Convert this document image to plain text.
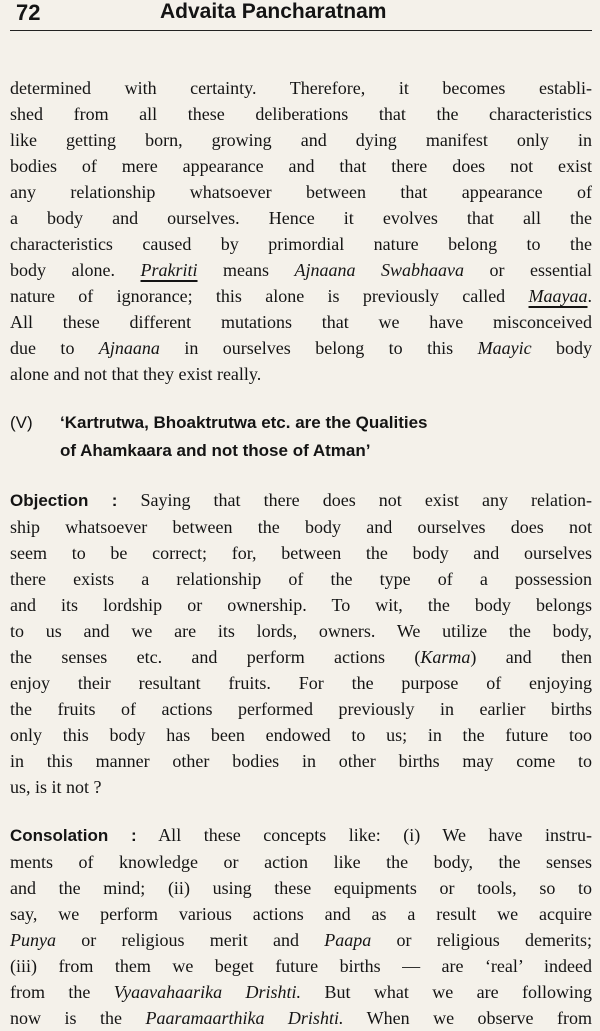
72	Advaita Pancharatnam

determined with certainty. Therefore, it becomes establi-
shed from all these deliberations that the characteristics
like getting born, growing and dying manifest only in
bodies of mere appearance and that there does not exist
any relationship whatsoever between that appearance of
a body and ourselves. Hence it evolves that all the
characteristics caused by primordial nature belong to the
body alone. Prakriti means Ajnaana Swabhaava or essential
nature of ignorance; this alone is previously called Maayaa.
All these different mutations that we have misconceived
due to Ajnaana in ourselves belong to this Maayic body
alone and not that they exist really.

(V) ‘Kartrutwa, Bhoaktrutwa etc. are the Qualities
of Ahamkaara and not those of Atman’

Objection : Saying that there does not exist any relation-
ship whatsoever between the body and ourselves does not
seem to be correct; for, between the body and ourselves
there exists a relationship of the type of a possession
and its lordship or ownership. To wit, the body belongs
to us and we are its lords, owners. We utilize the body,
the senses etc. and perform actions (Karma) and then
enjoy their resultant fruits. For the purpose of enjoying
the fruits of actions performed previously in earlier births
only this body has been endowed to us; in the future too
in this manner other bodies in other births may come to
us, is it not ?

Consolation : All these concepts like: (i) We have instru-
ments of knowledge or action like the body, the senses
and the mind; (ii) using these equipments or tools, so to
say, we perform various actions and as a result we acquire
Punya or religious merit and Paapa or religious demerits;
(iii) from them we beget future births — are ‘real’ indeed
from the Vyaavahaarika Drishti. But what we are following
now is the Paaramaarthika Drishti. When we observe from
